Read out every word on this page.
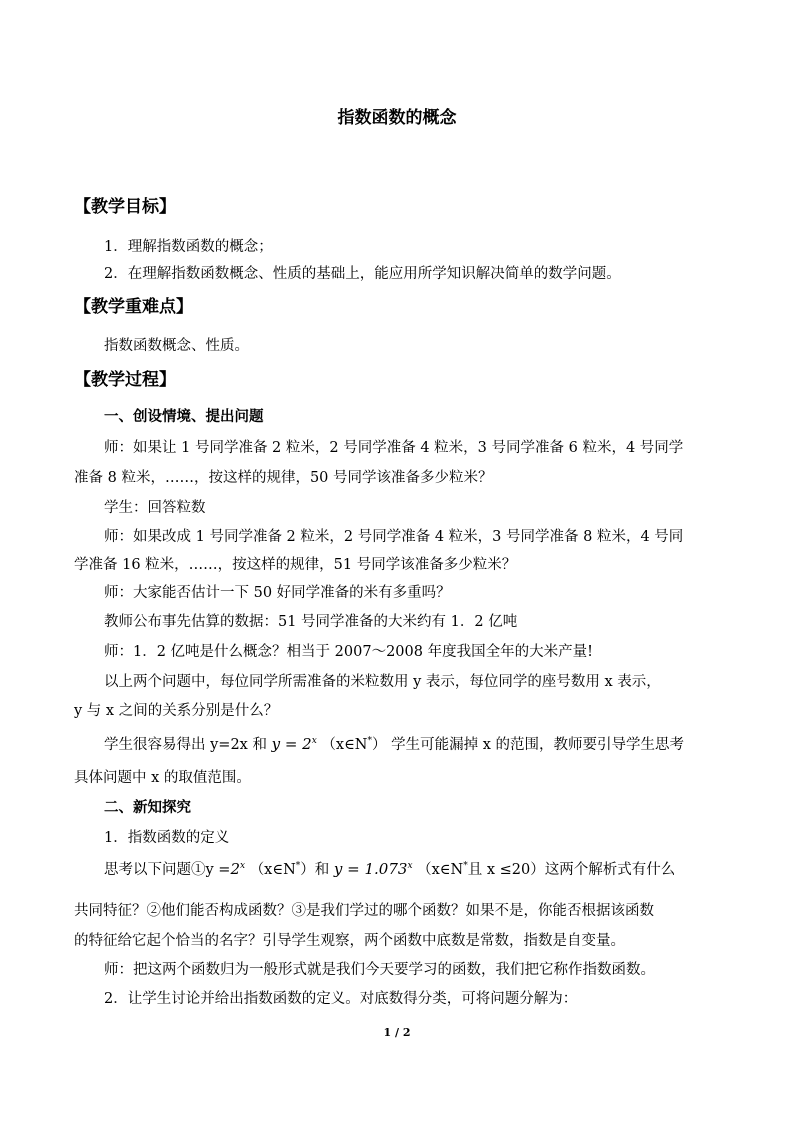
指数函数的概念
【教学目标】
1．理解指数函数的概念；
2．在理解指数函数概念、性质的基础上，能应用所学知识解决简单的数学问题。
【教学重难点】
指数函数概念、性质。
【教学过程】
一、创设情境、提出问题
师：如果让 1 号同学准备 2 粒米，2 号同学准备 4 粒米，3 号同学准备 6 粒米，4 号同学
准备 8 粒米，……，按这样的规律，50 号同学该准备多少粒米？
学生：回答粒数
师：如果改成 1 号同学准备 2 粒米，2 号同学准备 4 粒米，3 号同学准备 8 粒米，4 号同
学准备 16 粒米，……，按这样的规律，51 号同学该准备多少粒米？
师：大家能否估计一下 50 好同学准备的米有多重吗？
教师公布事先估算的数据：51 号同学准备的大米约有 1．2 亿吨
师：1．2 亿吨是什么概念？相当于 2007～2008 年度我国全年的大米产量!
以上两个问题中，每位同学所需准备的米粒数用 y 表示，每位同学的座号数用 x 表示，
y 与 x 之间的关系分别是什么？
学生很容易得出 y=2x 和 $y = 2^x$ （x∈N*） 学生可能漏掉 x 的范围，教师要引导学生思考
具体问题中 x 的取值范围。
二、新知探究
1．指数函数的定义
思考以下问题①y $=2^x$ （x∈N*）和 $y = 1.073^x$ （x∈N*且 x ≤20）这两个解析式有什么
共同特征？②他们能否构成函数？③是我们学过的哪个函数？如果不是，你能否根据该函数
的特征给它起个恰当的名字？引导学生观察，两个函数中底数是常数，指数是自变量。
师：把这两个函数归为一般形式就是我们今天要学习的函数，我们把它称作指数函数。
2．让学生讨论并给出指数函数的定义。对底数得分类，可将问题分解为：
1 / 2
